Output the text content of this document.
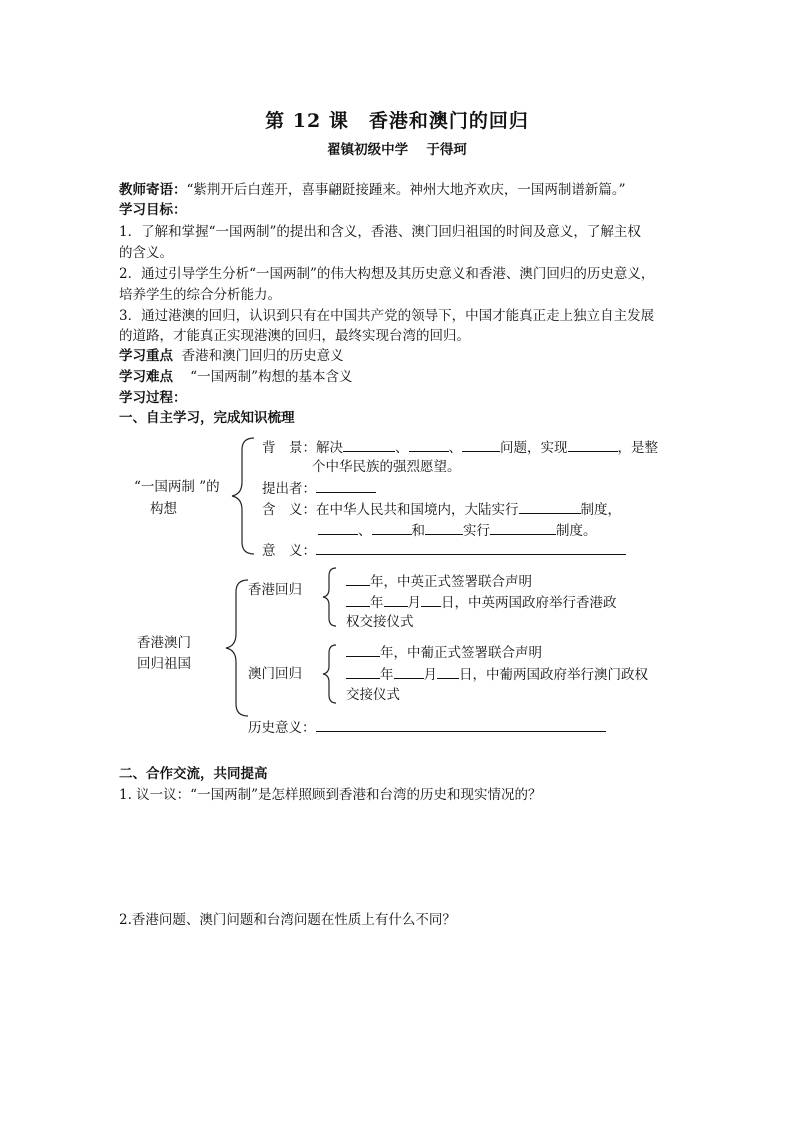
第 12 课　香港和澳门的回归
翟镇初级中学　 于得珂
教师寄语：“紫荆开后白莲开，喜事翩跹接踵来。神州大地齐欢庆，一国两制谱新篇。”
学习目标：
1．了解和掌握“一国两制”的提出和含义，香港、澳门回归祖国的时间及意义，了解主权
的含义。
2．通过引导学生分析“一国两制”的伟大构想及其历史意义和香港、澳门回归的历史意义，
培养学生的综合分析能力。
3．通过港澳的回归，认识到只有在中国共产党的领导下，中国才能真正走上独立自主发展
的道路，才能真正实现港澳的回归，最终实现台湾的回归。
学习重点 香港和澳门回归的历史意义
学习难点 “一国两制”构想的基本含义
学习过程：
一、自主学习，完成知识梳理
“一国两制 ”的
构想
背　景：解决	、	、	问题，实现	，是整
个中华民族的强烈愿望。
提出者：
含　义：在中华人民共和国境内，大陆实行	制度，
、	和	实行	制度。
意　义：
香港澳门
回归祖国
香港回归	年，中英正式签署联合声明
年 月 日，中英两国政府举行香港政
权交接仪式
澳门回归
年，中葡正式签署联合声明
年 月 日，中葡两国政府举行澳门政权
交接仪式
历史意义：
二、合作交流，共同提高
1. 议一议：“一国两制”是怎样照顾到香港和台湾的历史和现实情况的？
2.香港问题、澳门问题和台湾问题在性质上有什么不同？
